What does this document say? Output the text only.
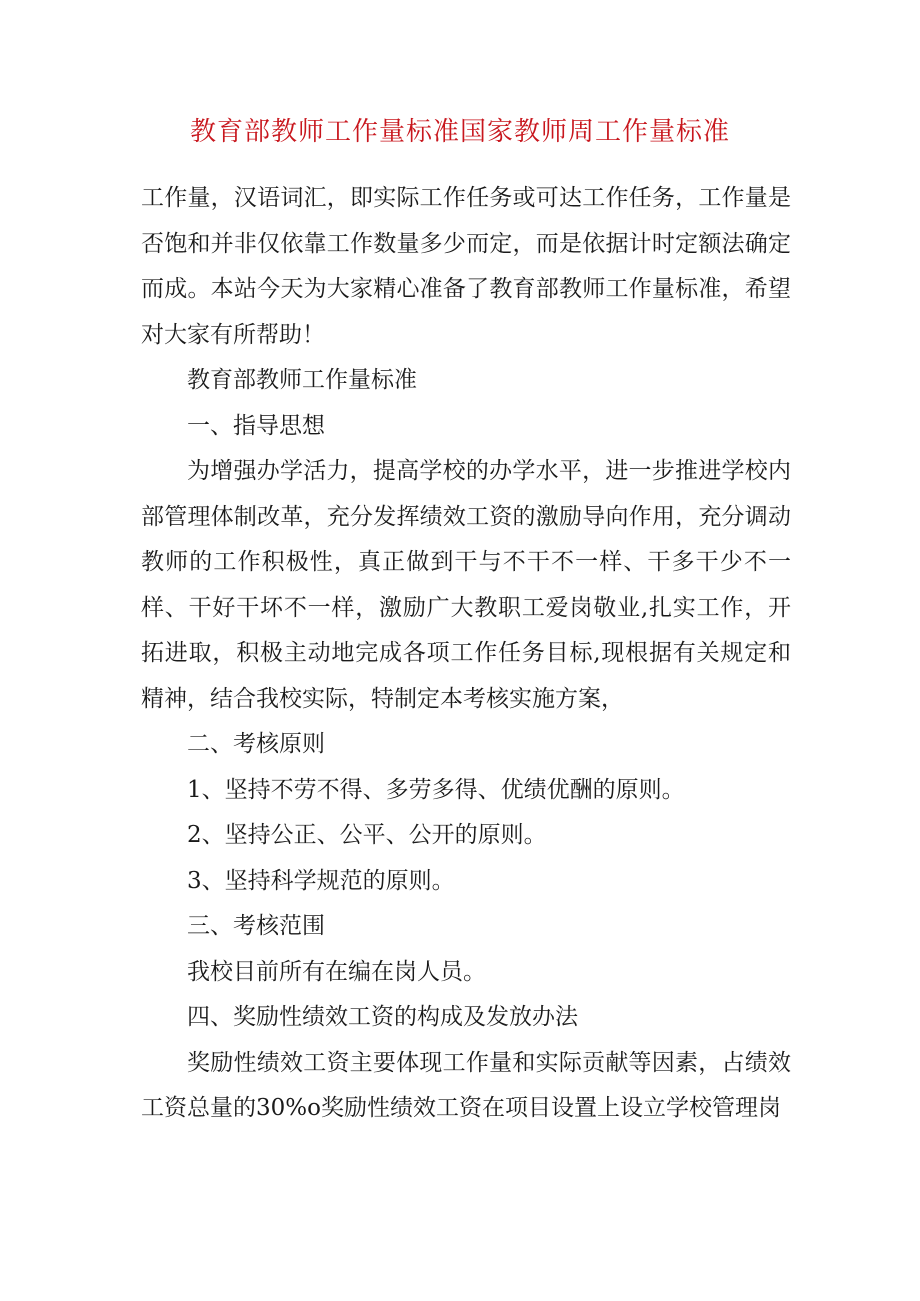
教育部教师工作量标准国家教师周工作量标准

工作量，汉语词汇，即实际工作任务或可达工作任务，工作量是否饱和并非仅依靠工作数量多少而定，而是依据计时定额法确定而成。本站今天为大家精心准备了教育部教师工作量标准，希望对大家有所帮助！

教育部教师工作量标准

一、指导思想

为增强办学活力，提高学校的办学水平，进一步推进学校内部管理体制改革，充分发挥绩效工资的激励导向作用，充分调动教师的工作积极性，真正做到干与不干不一样、干多干少不一样、干好干坏不一样，激励广大教职工爱岗敬业,扎实工作，开拓进取，积极主动地完成各项工作任务目标,现根据有关规定和精神，结合我校实际，特制定本考核实施方案，

二、考核原则

1、坚持不劳不得、多劳多得、优绩优酬的原则。

2、坚持公正、公平、公开的原则。

3、坚持科学规范的原则。

三、考核范围

我校目前所有在编在岗人员。

四、奖励性绩效工资的构成及发放办法

奖励性绩效工资主要体现工作量和实际贡献等因素，占绩效工资总量的30%o奖励性绩效工资在项目设置上设立学校管理岗
